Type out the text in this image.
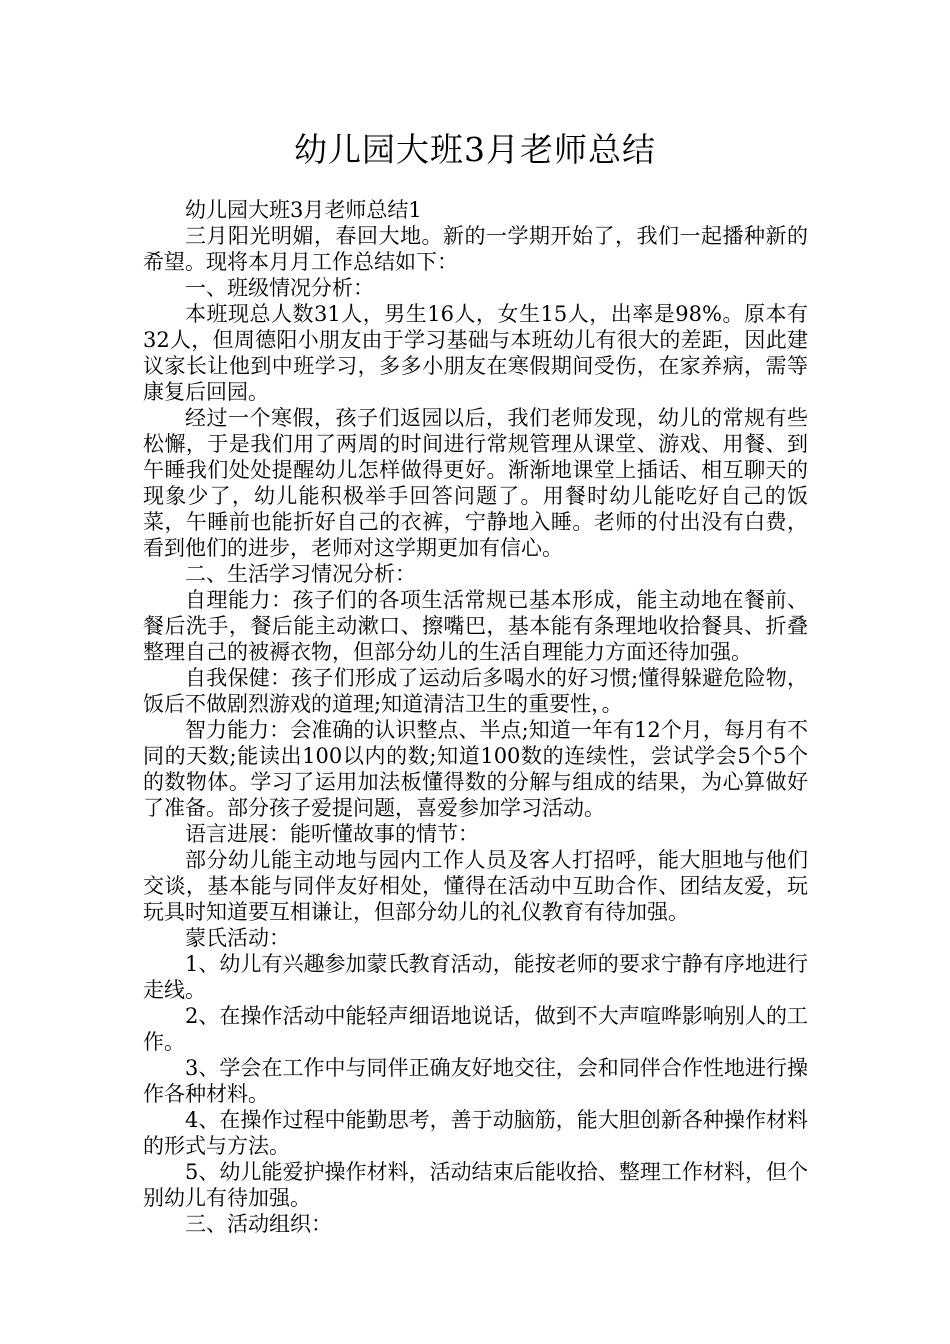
幼儿园大班3月老师总结

幼儿园大班3月老师总结1

三月阳光明媚，春回大地。新的一学期开始了，我们一起播种新的希望。现将本月月工作总结如下：

一、班级情况分析：

本班现总人数31人，男生16人，女生15人，出率是98%。原本有32人，但周德阳小朋友由于学习基础与本班幼儿有很大的差距，因此建议家长让他到中班学习，多多小朋友在寒假期间受伤，在家养病，需等康复后回园。

经过一个寒假，孩子们返园以后，我们老师发现，幼儿的常规有些松懈，于是我们用了两周的时间进行常规管理从课堂、游戏、用餐、到午睡我们处处提醒幼儿怎样做得更好。渐渐地课堂上插话、相互聊天的现象少了，幼儿能积极举手回答问题了。用餐时幼儿能吃好自己的饭菜，午睡前也能折好自己的衣裤，宁静地入睡。老师的付出没有白费，看到他们的进步，老师对这学期更加有信心。

二、生活学习情况分析：

自理能力：孩子们的各项生活常规已基本形成，能主动地在餐前、餐后洗手，餐后能主动漱口、擦嘴巴，基本能有条理地收拾餐具、折叠整理自己的被褥衣物，但部分幼儿的生活自理能力方面还待加强。

自我保健：孩子们形成了运动后多喝水的好习惯;懂得躲避危险物，饭后不做剧烈游戏的道理;知道清洁卫生的重要性，。

智力能力：会准确的认识整点、半点;知道一年有12个月，每月有不同的天数;能读出100以内的数;知道100数的连续性，尝试学会5个5个的数物体。学习了运用加法板懂得数的分解与组成的结果，为心算做好了准备。部分孩子爱提问题，喜爱参加学习活动。

语言进展：能听懂故事的情节：

部分幼儿能主动地与园内工作人员及客人打招呼，能大胆地与他们交谈，基本能与同伴友好相处，懂得在活动中互助合作、团结友爱，玩玩具时知道要互相谦让，但部分幼儿的礼仪教育有待加强。

蒙氏活动：

1、幼儿有兴趣参加蒙氏教育活动，能按老师的要求宁静有序地进行走线。

2、在操作活动中能轻声细语地说话，做到不大声喧哗影响别人的工作。

3、学会在工作中与同伴正确友好地交往，会和同伴合作性地进行操作各种材料。

4、在操作过程中能勤思考，善于动脑筋，能大胆创新各种操作材料的形式与方法。

5、幼儿能爱护操作材料，活动结束后能收拾、整理工作材料，但个别幼儿有待加强。

三、活动组织：
